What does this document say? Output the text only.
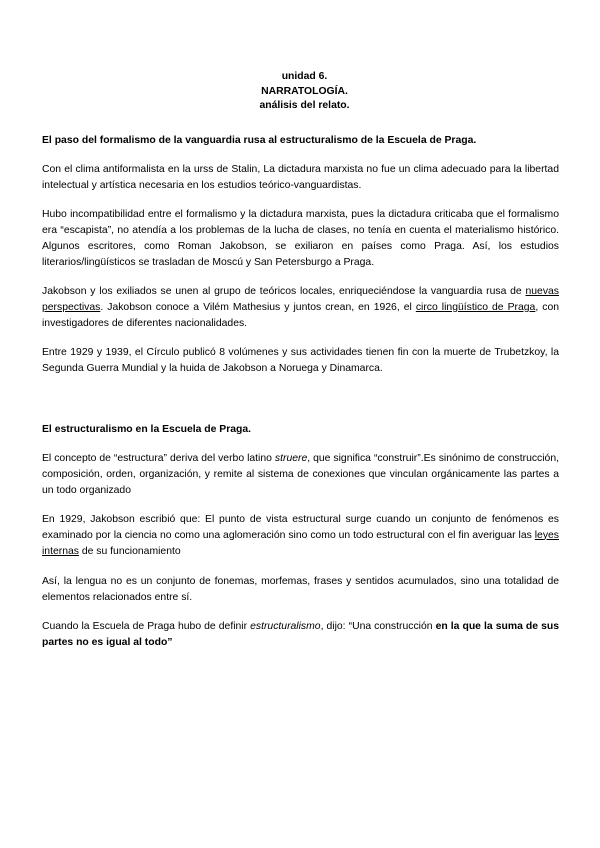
unidad 6.
NARRATOLOGÍA.
análisis del relato.

El paso del formalismo de la vanguardia rusa al estructuralismo de la Escuela de Praga.

Con el clima antiformalista en la urss de Stalin, La dictadura marxista no fue un clima adecuado para la libertad intelectual y artística necesaria en los estudios teórico-vanguardistas.

Hubo incompatibilidad entre el formalismo y la dictadura marxista, pues la dictadura criticaba que el formalismo era “escapista”, no atendía a los problemas de la lucha de clases, no tenía en cuenta el materialismo histórico. Algunos escritores, como Roman Jakobson, se exiliaron en países como Praga. Así, los estudios literarios/lingüísticos se trasladan de Moscú y San Petersburgo a Praga.

Jakobson y los exiliados se unen al grupo de teóricos locales, enriqueciéndose la vanguardia rusa de nuevas perspectivas. Jakobson conoce a Vilém Mathesius y juntos crean, en 1926, el circo lingüístico de Praga, con investigadores de diferentes nacionalidades.

Entre 1929 y 1939, el Círculo publicó 8 volúmenes y sus actividades tienen fin con la muerte de Trubetzkoy, la Segunda Guerra Mundial y la huida de Jakobson a Noruega y Dinamarca.

El estructuralismo en la Escuela de Praga.

El concepto de “estructura” deriva del verbo latino struere, que significa “construir”.Es sinónimo de construcción, composición, orden, organización, y remite al sistema de conexiones que vinculan orgánicamente las partes a un todo organizado

En 1929, Jakobson escribió que: El punto de vista estructural surge cuando un conjunto de fenómenos es examinado por la ciencia no como una aglomeración sino como un todo estructural con el fin averiguar las leyes internas de su funcionamiento

Así, la lengua no es un conjunto de fonemas, morfemas, frases y sentidos acumulados, sino una totalidad de elementos relacionados entre sí.

Cuando la Escuela de Praga hubo de definir estructuralismo, dijo: “Una construcción en la que la suma de sus partes no es igual al todo”
